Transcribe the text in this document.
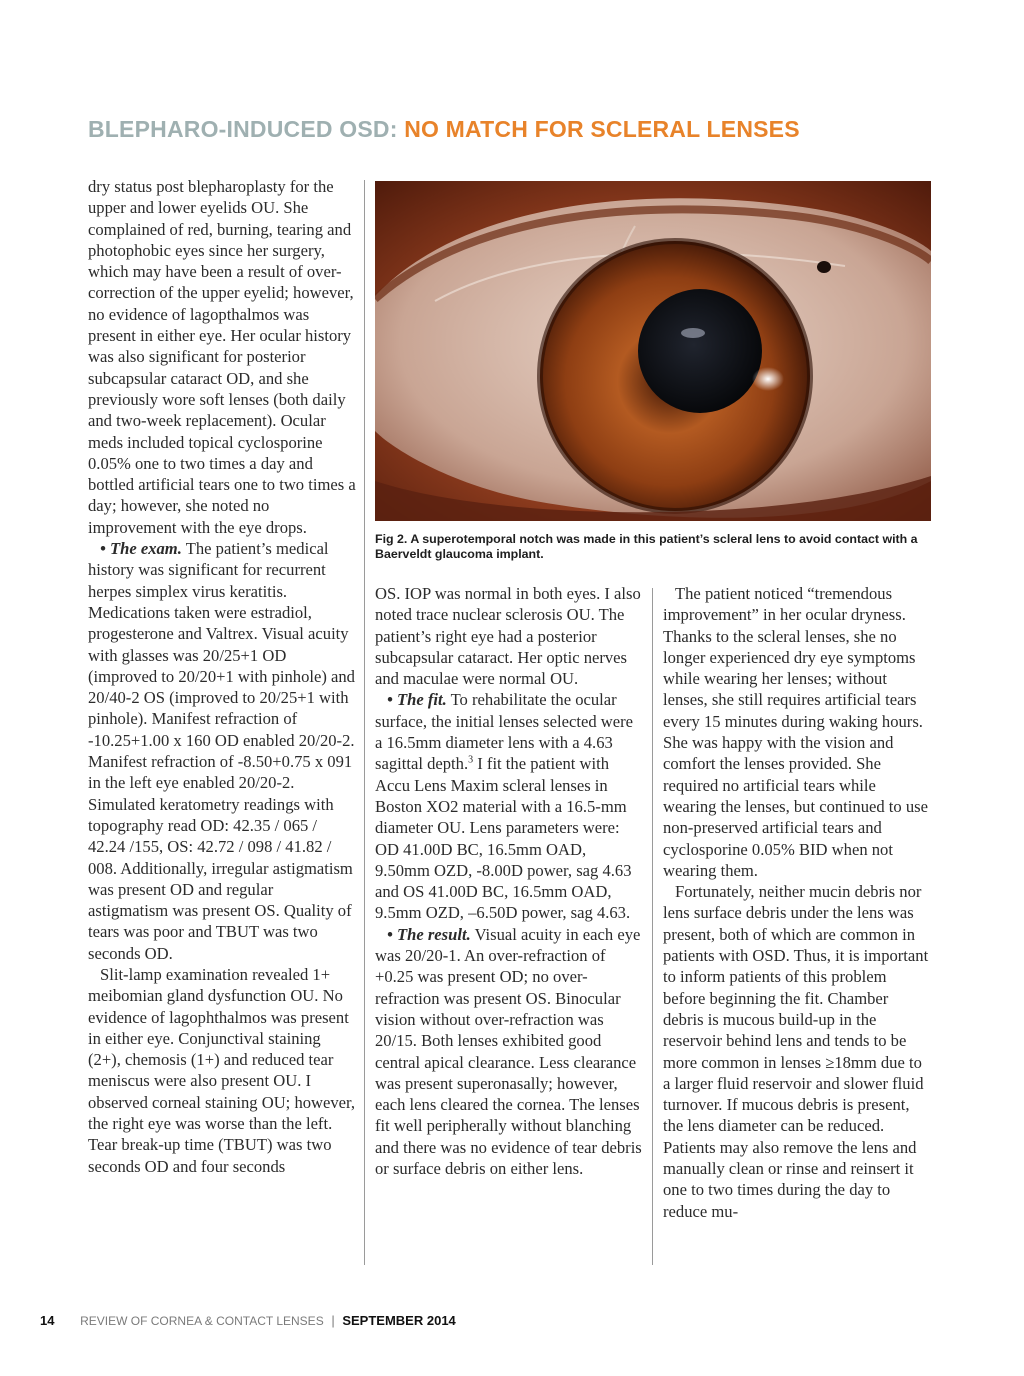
BLEPHARO-INDUCED OSD: NO MATCH FOR SCLERAL LENSES

dry status post blepharoplasty for the upper and lower eyelids OU. She complained of red, burning, tearing and photophobic eyes since her surgery, which may have been a result of over-correction of the upper eyelid; however, no evidence of lagopthalmos was present in either eye. Her ocular history was also significant for posterior subcapsular cataract OD, and she previously wore soft lenses (both daily and two-week replacement). Ocular meds included topical cyclosporine 0.05% one to two times a day and bottled artificial tears one to two times a day; however, she noted no improvement with the eye drops.

• The exam. The patient’s medical history was significant for recurrent herpes simplex virus keratitis. Medications taken were estradiol, progesterone and Valtrex. Visual acuity with glasses was 20/25+1 OD (improved to 20/20+1 with pinhole) and 20/40-2 OS (improved to 20/25+1 with pinhole). Manifest refraction of -10.25+1.00 x 160 OD enabled 20/20-2. Manifest refraction of -8.50+0.75 x 091 in the left eye enabled 20/20-2. Simulated keratometry readings with topography read OD: 42.35 / 065 / 42.24 /155, OS: 42.72 / 098 / 41.82 / 008. Additionally, irregular astigmatism was present OD and regular astigmatism was present OS. Quality of tears was poor and TBUT was two seconds OD.

Slit-lamp examination revealed 1+ meibomian gland dysfunction OU. No evidence of lagophthalmos was present in either eye. Conjunctival staining (2+), chemosis (1+) and reduced tear meniscus were also present OU. I observed corneal staining OU; however, the right eye was worse than the left. Tear break-up time (TBUT) was two seconds OD and four seconds

Fig 2. A superotemporal notch was made in this patient’s scleral lens to avoid contact with a Baerveldt glaucoma implant.

OS. IOP was normal in both eyes. I also noted trace nuclear sclerosis OU. The patient’s right eye had a posterior subcapsular cataract. Her optic nerves and maculae were normal OU.

• The fit. To rehabilitate the ocular surface, the initial lenses selected were a 16.5mm diameter lens with a 4.63 sagittal depth.$^3$ I fit the patient with Accu Lens Maxim scleral lenses in Boston XO2 material with a 16.5-mm diameter OU. Lens parameters were: OD 41.00D BC, 16.5mm OAD, 9.50mm OZD, -8.00D power, sag 4.63 and OS 41.00D BC, 16.5mm OAD, 9.5mm OZD, –6.50D power, sag 4.63.

• The result. Visual acuity in each eye was 20/20-1. An over-refraction of +0.25 was present OD; no over-refraction was present OS. Binocular vision without over-refraction was 20/15. Both lenses exhibited good central apical clearance. Less clearance was present superonasally; however, each lens cleared the cornea. The lenses fit well peripherally without blanching and there was no evidence of tear debris or surface debris on either lens.

The patient noticed “tremendous improvement” in her ocular dryness. Thanks to the scleral lenses, she no longer experienced dry eye symptoms while wearing her lenses; without lenses, she still requires artificial tears every 15 minutes during waking hours. She was happy with the vision and comfort the lenses provided. She required no artificial tears while wearing the lenses, but continued to use non-preserved artificial tears and cyclosporine 0.05% BID when not wearing them.

Fortunately, neither mucin debris nor lens surface debris under the lens was present, both of which are common in patients with OSD. Thus, it is important to inform patients of this problem before beginning the fit. Chamber debris is mucous build-up in the reservoir behind lens and tends to be more common in lenses ≥18mm due to a larger fluid reservoir and slower fluid turnover. If mucous debris is present, the lens diameter can be reduced. Patients may also remove the lens and manually clean or rinse and reinsert it one to two times during the day to reduce mu-

14 REVIEW OF CORNEA & CONTACT LENSES | SEPTEMBER 2014
